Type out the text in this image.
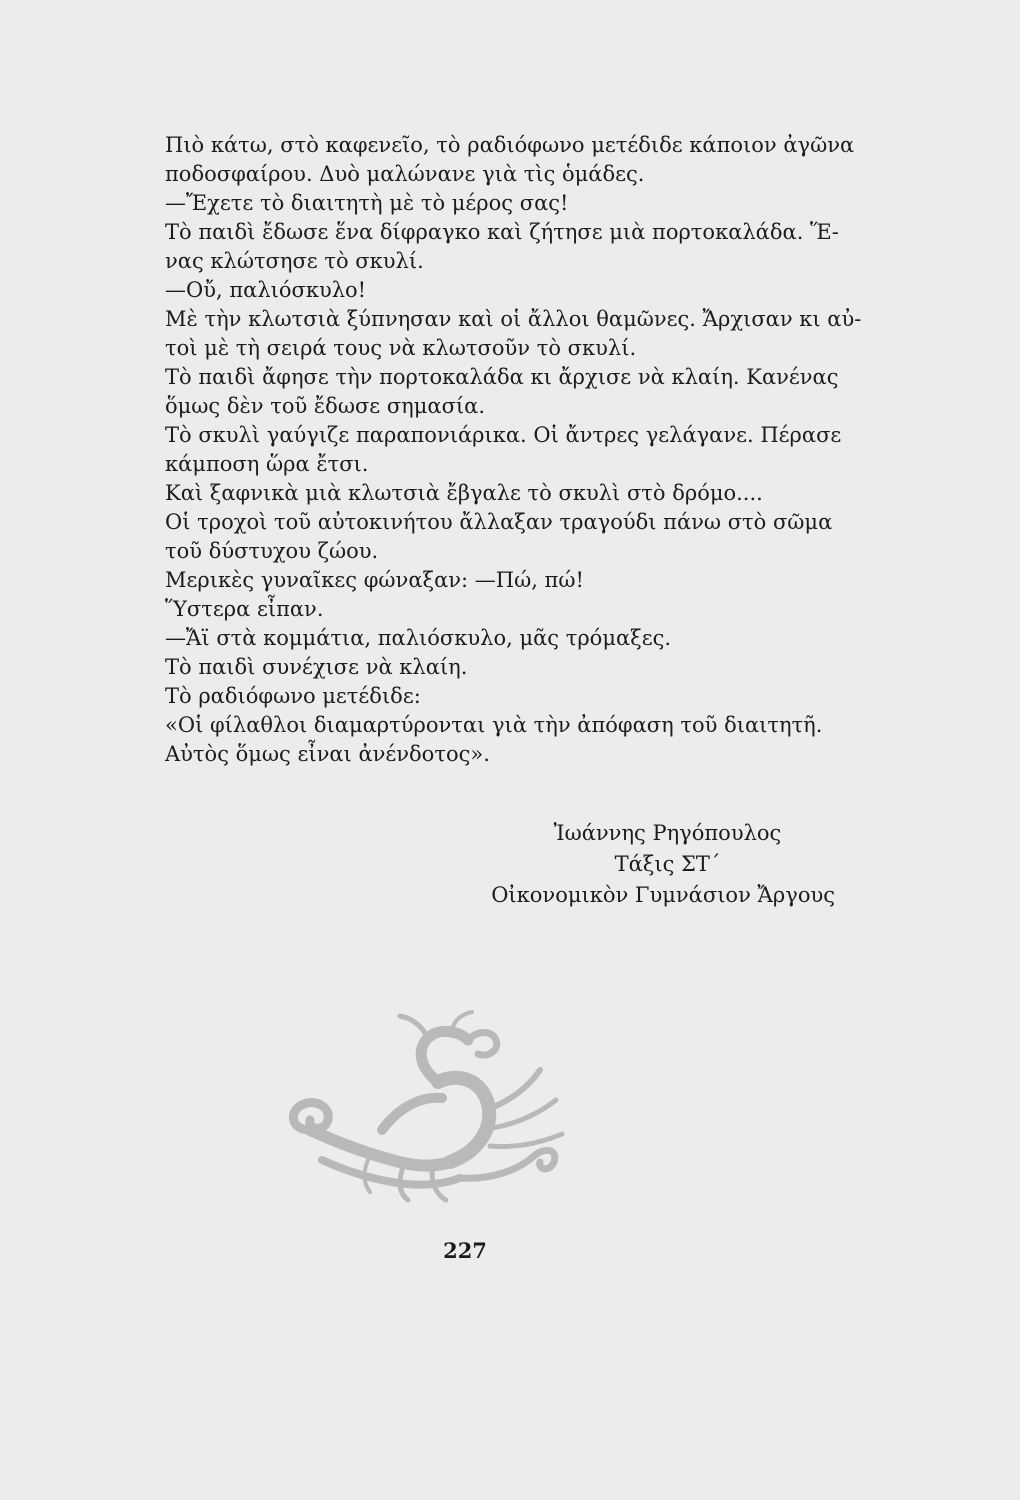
Πιὸ κάτω, στὸ καφενεῖο, τὸ ραδιόφωνο μετέδιδε κάποιον ἀγῶνα
ποδοσφαίρου. Δυὸ μαλώνανε γιὰ τὶς ὁμάδες.
—Ἔχετε τὸ διαιτητὴ μὲ τὸ μέρος σας!
Τὸ παιδὶ ἔδωσε ἕνα δίφραγκο καὶ ζήτησε μιὰ πορτοκαλάδα. Ἕ-
νας κλώτσησε τὸ σκυλί.
—Οὔ, παλιόσκυλο!
Μὲ τὴν κλωτσιὰ ξύπνησαν καὶ οἱ ἄλλοι θαμῶνες. Ἄρχισαν κι αὐ-
τοὶ μὲ τὴ σειρά τους νὰ κλωτσοῦν τὸ σκυλί.
Τὸ παιδὶ ἄφησε τὴν πορτοκαλάδα κι ἄρχισε νὰ κλαίη. Κανένας
ὅμως δὲν τοῦ ἔδωσε σημασία.
Τὸ σκυλὶ γαύγιζε παραπονιάρικα. Οἱ ἄντρες γελάγανε. Πέρασε
κάμποση ὥρα ἔτσι.
Καὶ ξαφνικὰ μιὰ κλωτσιὰ ἔβγαλε τὸ σκυλὶ στὸ δρόμο....
Οἱ τροχοὶ τοῦ αὐτοκινήτου ἄλλαξαν τραγούδι πάνω στὸ σῶμα
τοῦ δύστυχου ζώου.
Μερικὲς γυναῖκες φώναξαν: —Πώ, πώ!
Ὕστερα εἶπαν.
—Ἄϊ στὰ κομμάτια, παλιόσκυλο, μᾶς τρόμαξες.
Τὸ παιδὶ συνέχισε νὰ κλαίη.
Τὸ ραδιόφωνο μετέδιδε:
«Οἱ φίλαθλοι διαμαρτύρονται γιὰ τὴν ἀπόφαση τοῦ διαιτητῆ.
Αὐτὸς ὅμως εἶναι ἀνένδοτος».
Ἰωάννης Ρηγόπουλος
Τάξις ΣΤ΄
Οἰκονομικὸν Γυμνάσιον Ἄργους
227
